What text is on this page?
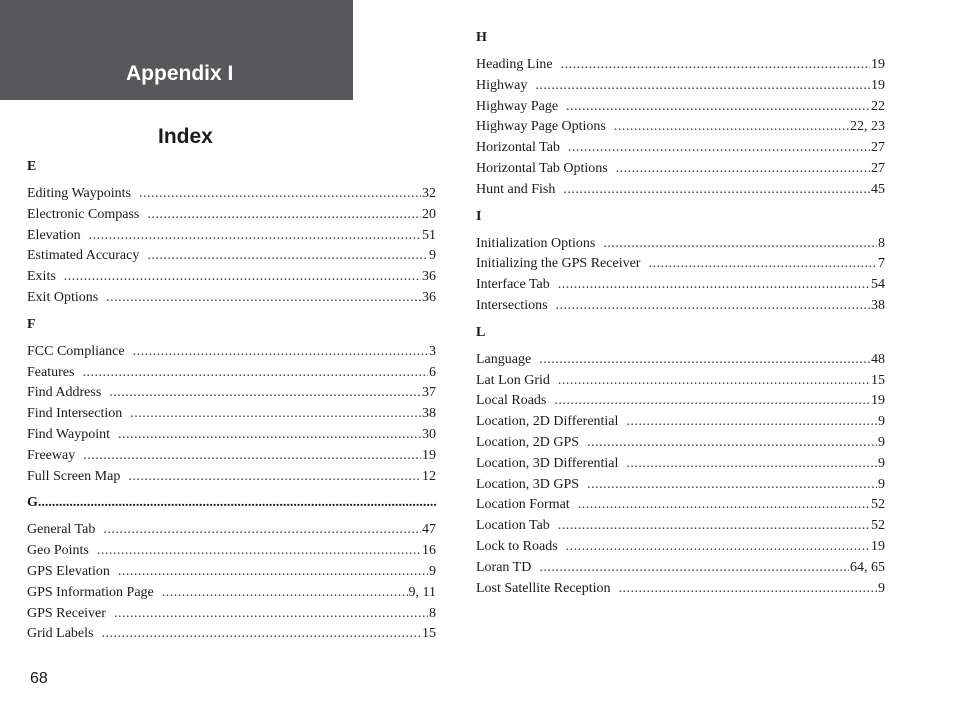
Appendix I
Index
E
Editing Waypoints .....	32
Electronic Compass .....	20
Elevation .....	51
Estimated Accuracy .....	9
Exits .....	36
Exit Options .....	36
F
FCC Compliance .....	3
Features .....	6
Find Address .....	37
Find Intersection .....	38
Find Waypoint .....	30
Freeway .....	19
Full Screen Map .....	12
G
.....
General Tab .....	47
Geo Points .....	16
GPS Elevation .....	9
GPS Information Page .....	9, 11
GPS Receiver .....	8
Grid Labels .....	15
H
Heading Line .....	19
Highway .....	19
Highway Page .....	22
Highway Page Options .....	22, 23
Horizontal Tab .....	27
Horizontal Tab Options .....	27
Hunt and Fish .....	45
I
Initialization Options .....	8
Initializing the GPS Receiver .....	7
Interface Tab .....	54
Intersections .....	38
L
Language .....	48
Lat Lon Grid .....	15
Local Roads .....	19
Location, 2D Differential .....	9
Location, 2D GPS .....	9
Location, 3D Differential .....	9
Location, 3D GPS .....	9
Location Format .....	52
Location Tab .....	52
Lock to Roads .....	19
Loran TD .....	64, 65
Lost Satellite Reception .....	9
68
